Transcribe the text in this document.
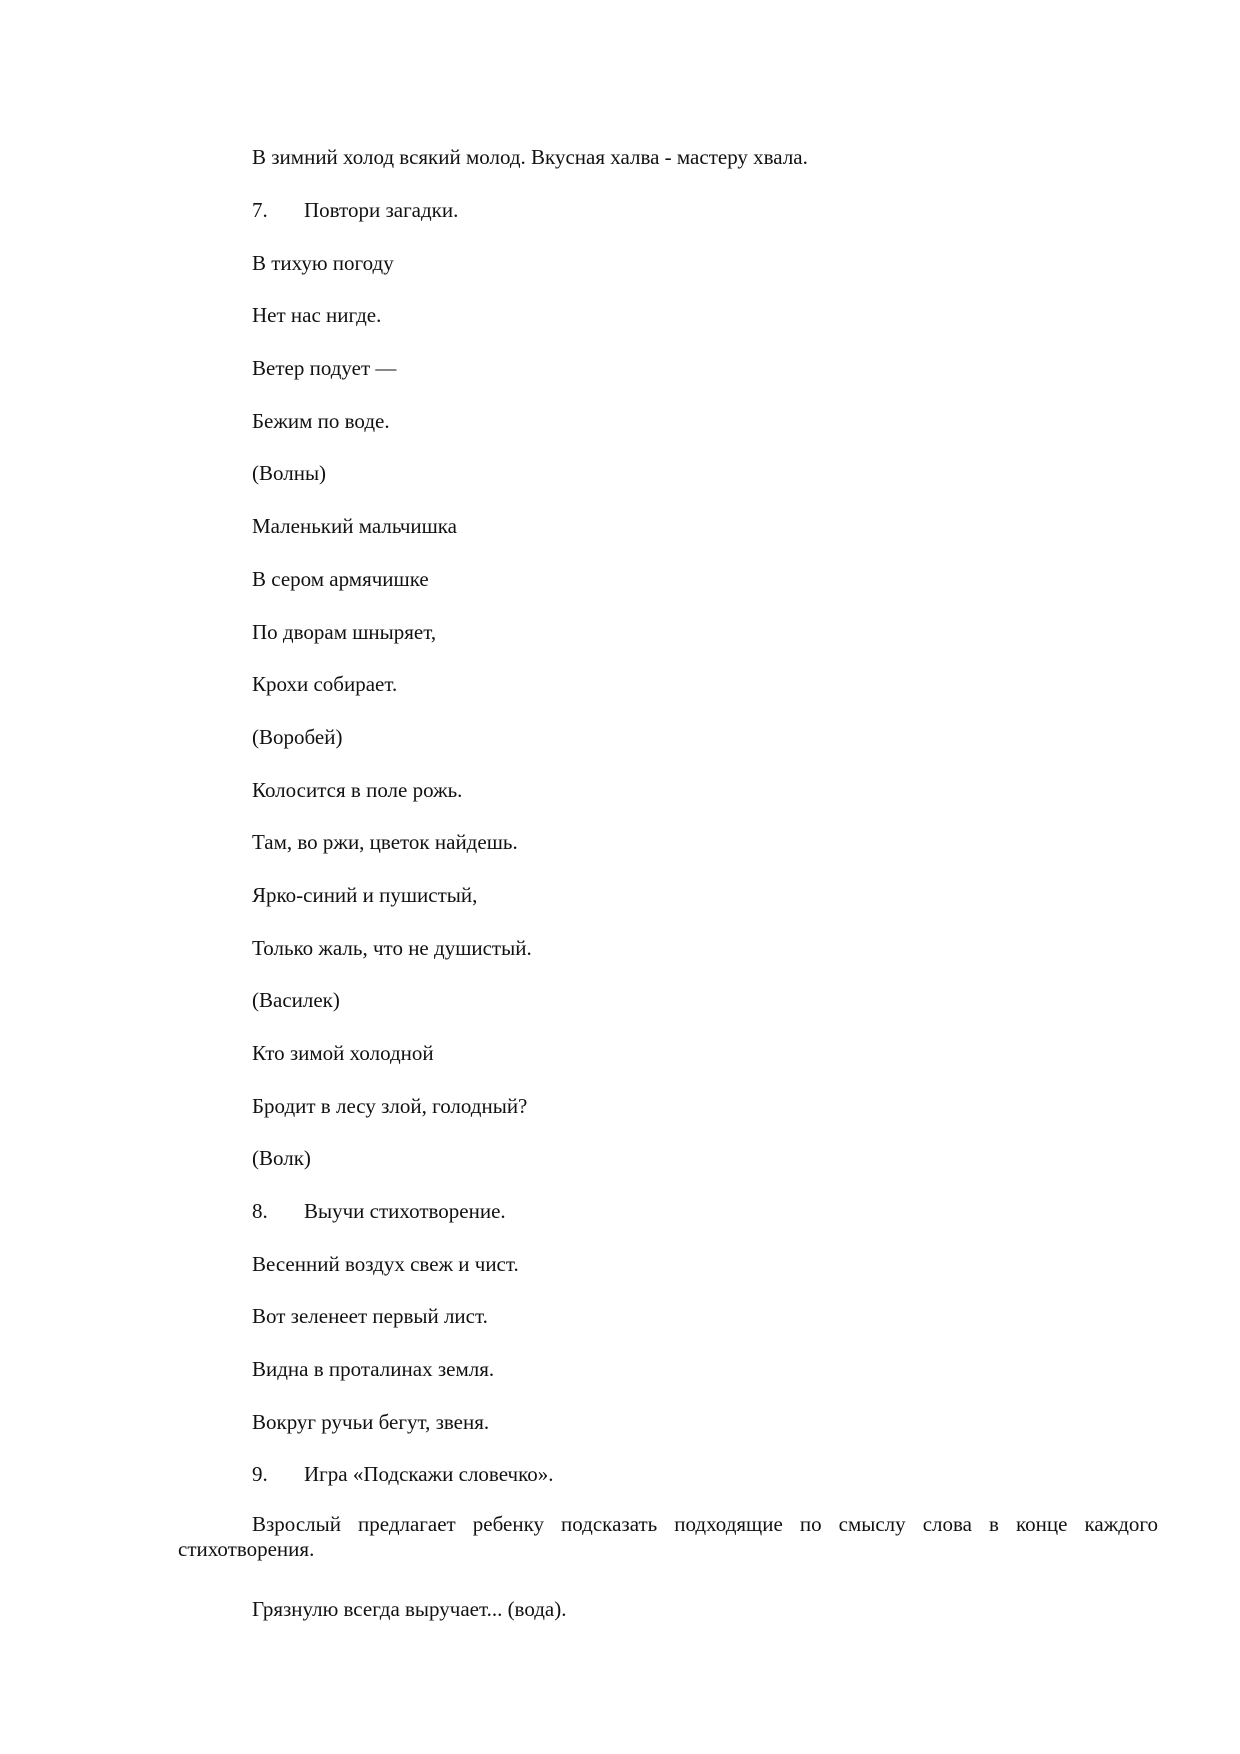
В зимний холод всякий молод. Вкусная халва - мастеру хвала.
7. Повтори загадки.
В тихую погоду
Нет нас нигде.
Ветер подует —
Бежим по воде.
(Волны)
Маленький мальчишка
В сером армячишке
По дворам шныряет,
Крохи собирает.
(Воробей)
Колосится в поле рожь.
Там, во ржи, цветок найдешь.
Ярко-синий и пушистый,
Только жаль, что не душистый.
(Василек)
Кто зимой холодной
Бродит в лесу злой, голодный?
(Волк)
8. Выучи стихотворение.
Весенний воздух свеж и чист.
Вот зеленеет первый лист.
Видна в проталинах земля.
Вокруг ручьи бегут, звеня.
9. Игра «Подскажи словечко».
Взрослый предлагает ребенку подсказать подходящие по смыслу слова в конце каждого стихотворения.
Грязнулю всегда выручает... (вода).
